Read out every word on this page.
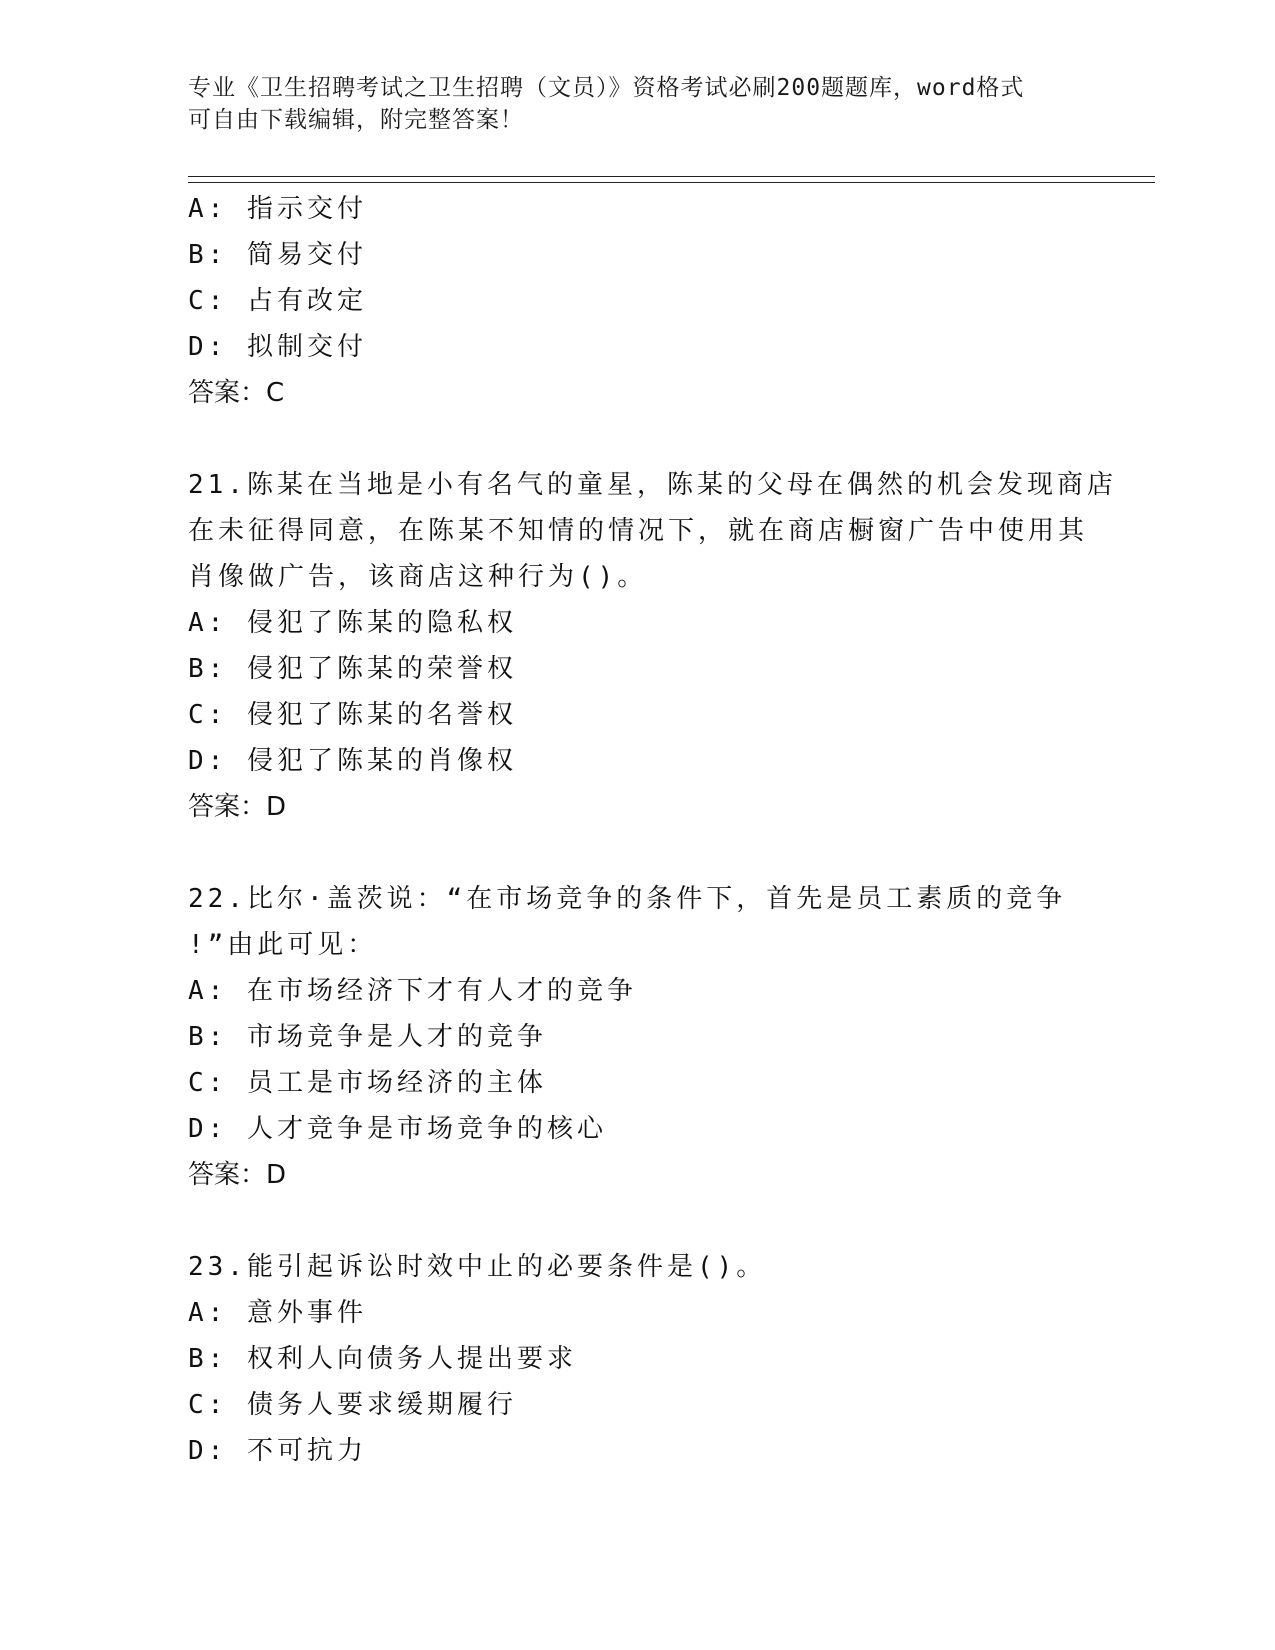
专业《卫生招聘考试之卫生招聘（文员）》资格考试必刷200题题库，word格式
可自由下载编辑，附完整答案！
A: 指示交付
B: 简易交付
C: 占有改定
D: 拟制交付
答案：C
21.陈某在当地是小有名气的童星，陈某的父母在偶然的机会发现商店
在未征得同意，在陈某不知情的情况下，就在商店橱窗广告中使用其
肖像做广告，该商店这种行为()。
A: 侵犯了陈某的隐私权
B: 侵犯了陈某的荣誉权
C: 侵犯了陈某的名誉权
D: 侵犯了陈某的肖像权
答案：D
22.比尔·盖茨说：“在市场竞争的条件下，首先是员工素质的竞争
!”由此可见：
A: 在市场经济下才有人才的竞争
B: 市场竞争是人才的竞争
C: 员工是市场经济的主体
D: 人才竞争是市场竞争的核心
答案：D
23.能引起诉讼时效中止的必要条件是()。
A: 意外事件
B: 权利人向债务人提出要求
C: 债务人要求缓期履行
D: 不可抗力
